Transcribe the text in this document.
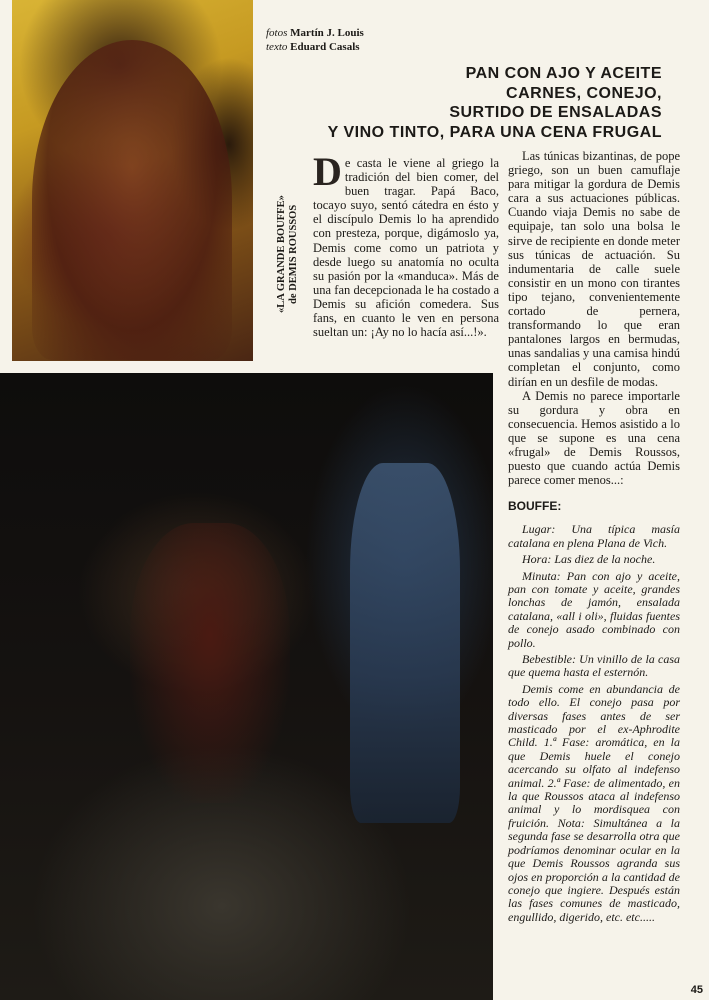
fotos Martín J. Louis
texto Eduard Casals
PAN CON AJO Y ACEITE
CARNES, CONEJO,
SURTIDO DE ENSALADAS
Y VINO TINTO, PARA UNA CENA FRUGAL
«LA GRANDE BOUFFE» de DEMIS ROUSSOS

De casta le viene al griego la tradición del bien comer, del buen tragar. Papá Baco, tocayo suyo, sentó cátedra en ésto y el discípulo Demis lo ha aprendido con presteza, porque, digámoslo ya, Demis come como un patriota y desde luego su anatomía no oculta su pasión por la «manduca». Más de una fan decepcionada le ha costado a Demis su afición comedera. Sus fans, en cuanto le ven en persona sueltan un: ¡Ay no lo hacía así...!».

Las túnicas bizantinas, de pope griego, son un buen camuflaje para mitigar la gordura de Demis cara a sus actuaciones públicas. Cuando viaja Demis no sabe de equipaje, tan solo una bolsa le sirve de recipiente en donde meter sus túnicas de actuación. Su indumentaria de calle suele consistir en un mono con tirantes tipo tejano, convenientemente cortado de pernera, transformando lo que eran pantalones largos en bermudas, unas sandalias y una camisa hindú completan el conjunto, como dirían en un desfile de modas.

A Demis no parece importarle su gordura y obra en consecuencia. Hemos asistido a lo que se supone es una cena «frugal» de Demis Roussos, puesto que cuando actúa Demis parece comer menos...:

BOUFFE:

Lugar: Una típica masía catalana en plena Plana de Vich.

Hora: Las diez de la noche.

Minuta: Pan con ajo y aceite, pan con tomate y aceite, grandes lonchas de jamón, ensalada catalana, «all i oli», fluidas fuentes de conejo asado combinado con pollo.

Bebestible: Un vinillo de la casa que quema hasta el esternón.

Demis come en abundancia de todo ello. El conejo pasa por diversas fases antes de ser masticado por el ex-Aphrodite Child. 1.ª Fase: aromática, en la que Demis huele el conejo acercando su olfato al indefenso animal. 2.ª Fase: de alimentado, en la que Roussos ataca al indefenso animal y lo mordisquea con fruición. Nota: Simultánea a la segunda fase se desarrolla otra que podríamos denominar ocular en la que Demis Roussos agranda sus ojos en proporción a la cantidad de conejo que ingiere. Después están las fases comunes de masticado, engullido, digerido, etc. etc.....

45
